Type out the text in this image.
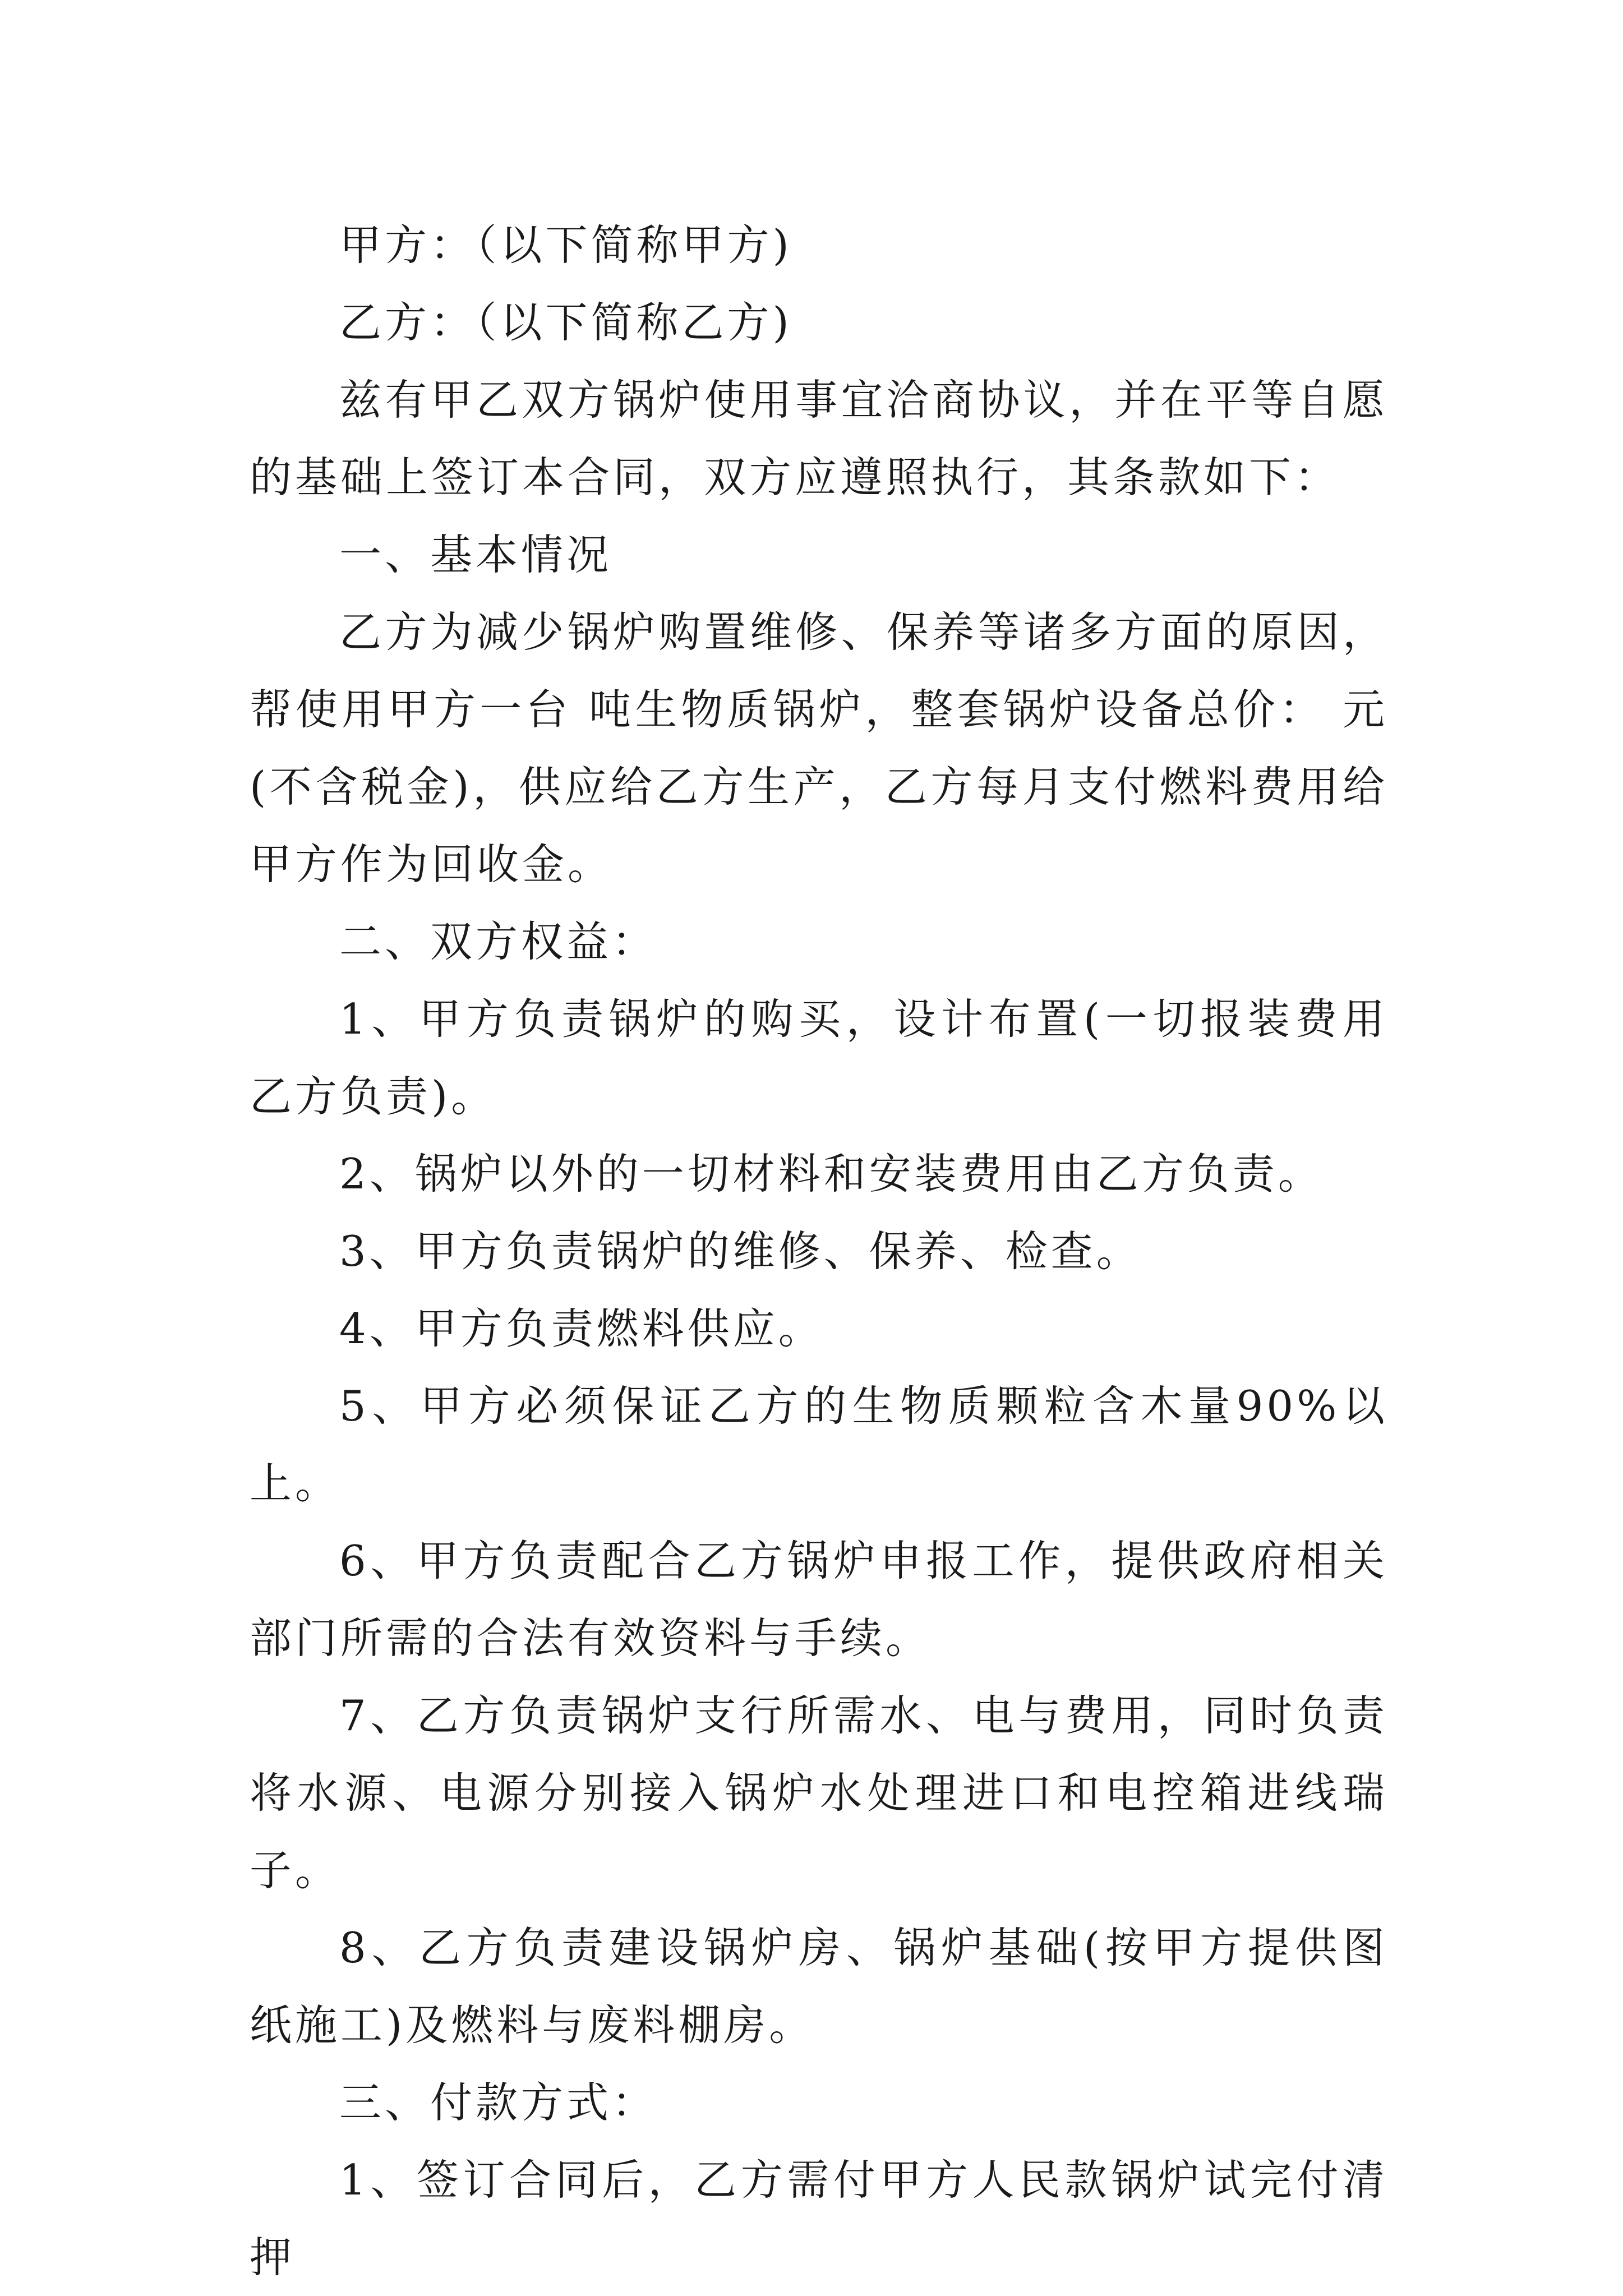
甲方：（以下简称甲方)

乙方：（以下简称乙方)

兹有甲乙双方锅炉使用事宜洽商协议，并在平等自愿的基础上签订本合同，双方应遵照执行，其条款如下：

一、基本情况

乙方为减少锅炉购置维修、保养等诸多方面的原因，帮使用甲方一台 吨生物质锅炉，整套锅炉设备总价： 元(不含税金)，供应给乙方生产，乙方每月支付燃料费用给甲方作为回收金。

二、双方权益：

1、甲方负责锅炉的购买，设计布置(一切报装费用乙方负责)。

2、锅炉以外的一切材料和安装费用由乙方负责。

3、甲方负责锅炉的维修、保养、检查。

4、甲方负责燃料供应。

5、甲方必须保证乙方的生物质颗粒含木量90%以上。

6、甲方负责配合乙方锅炉申报工作，提供政府相关部门所需的合法有效资料与手续。

7、乙方负责锅炉支行所需水、电与费用，同时负责将水源、电源分别接入锅炉水处理进口和电控箱进线瑞子。

8、乙方负责建设锅炉房、锅炉基础(按甲方提供图纸施工)及燃料与废料棚房。

三、付款方式：

1、签订合同后，乙方需付甲方人民款锅炉试完付清押
